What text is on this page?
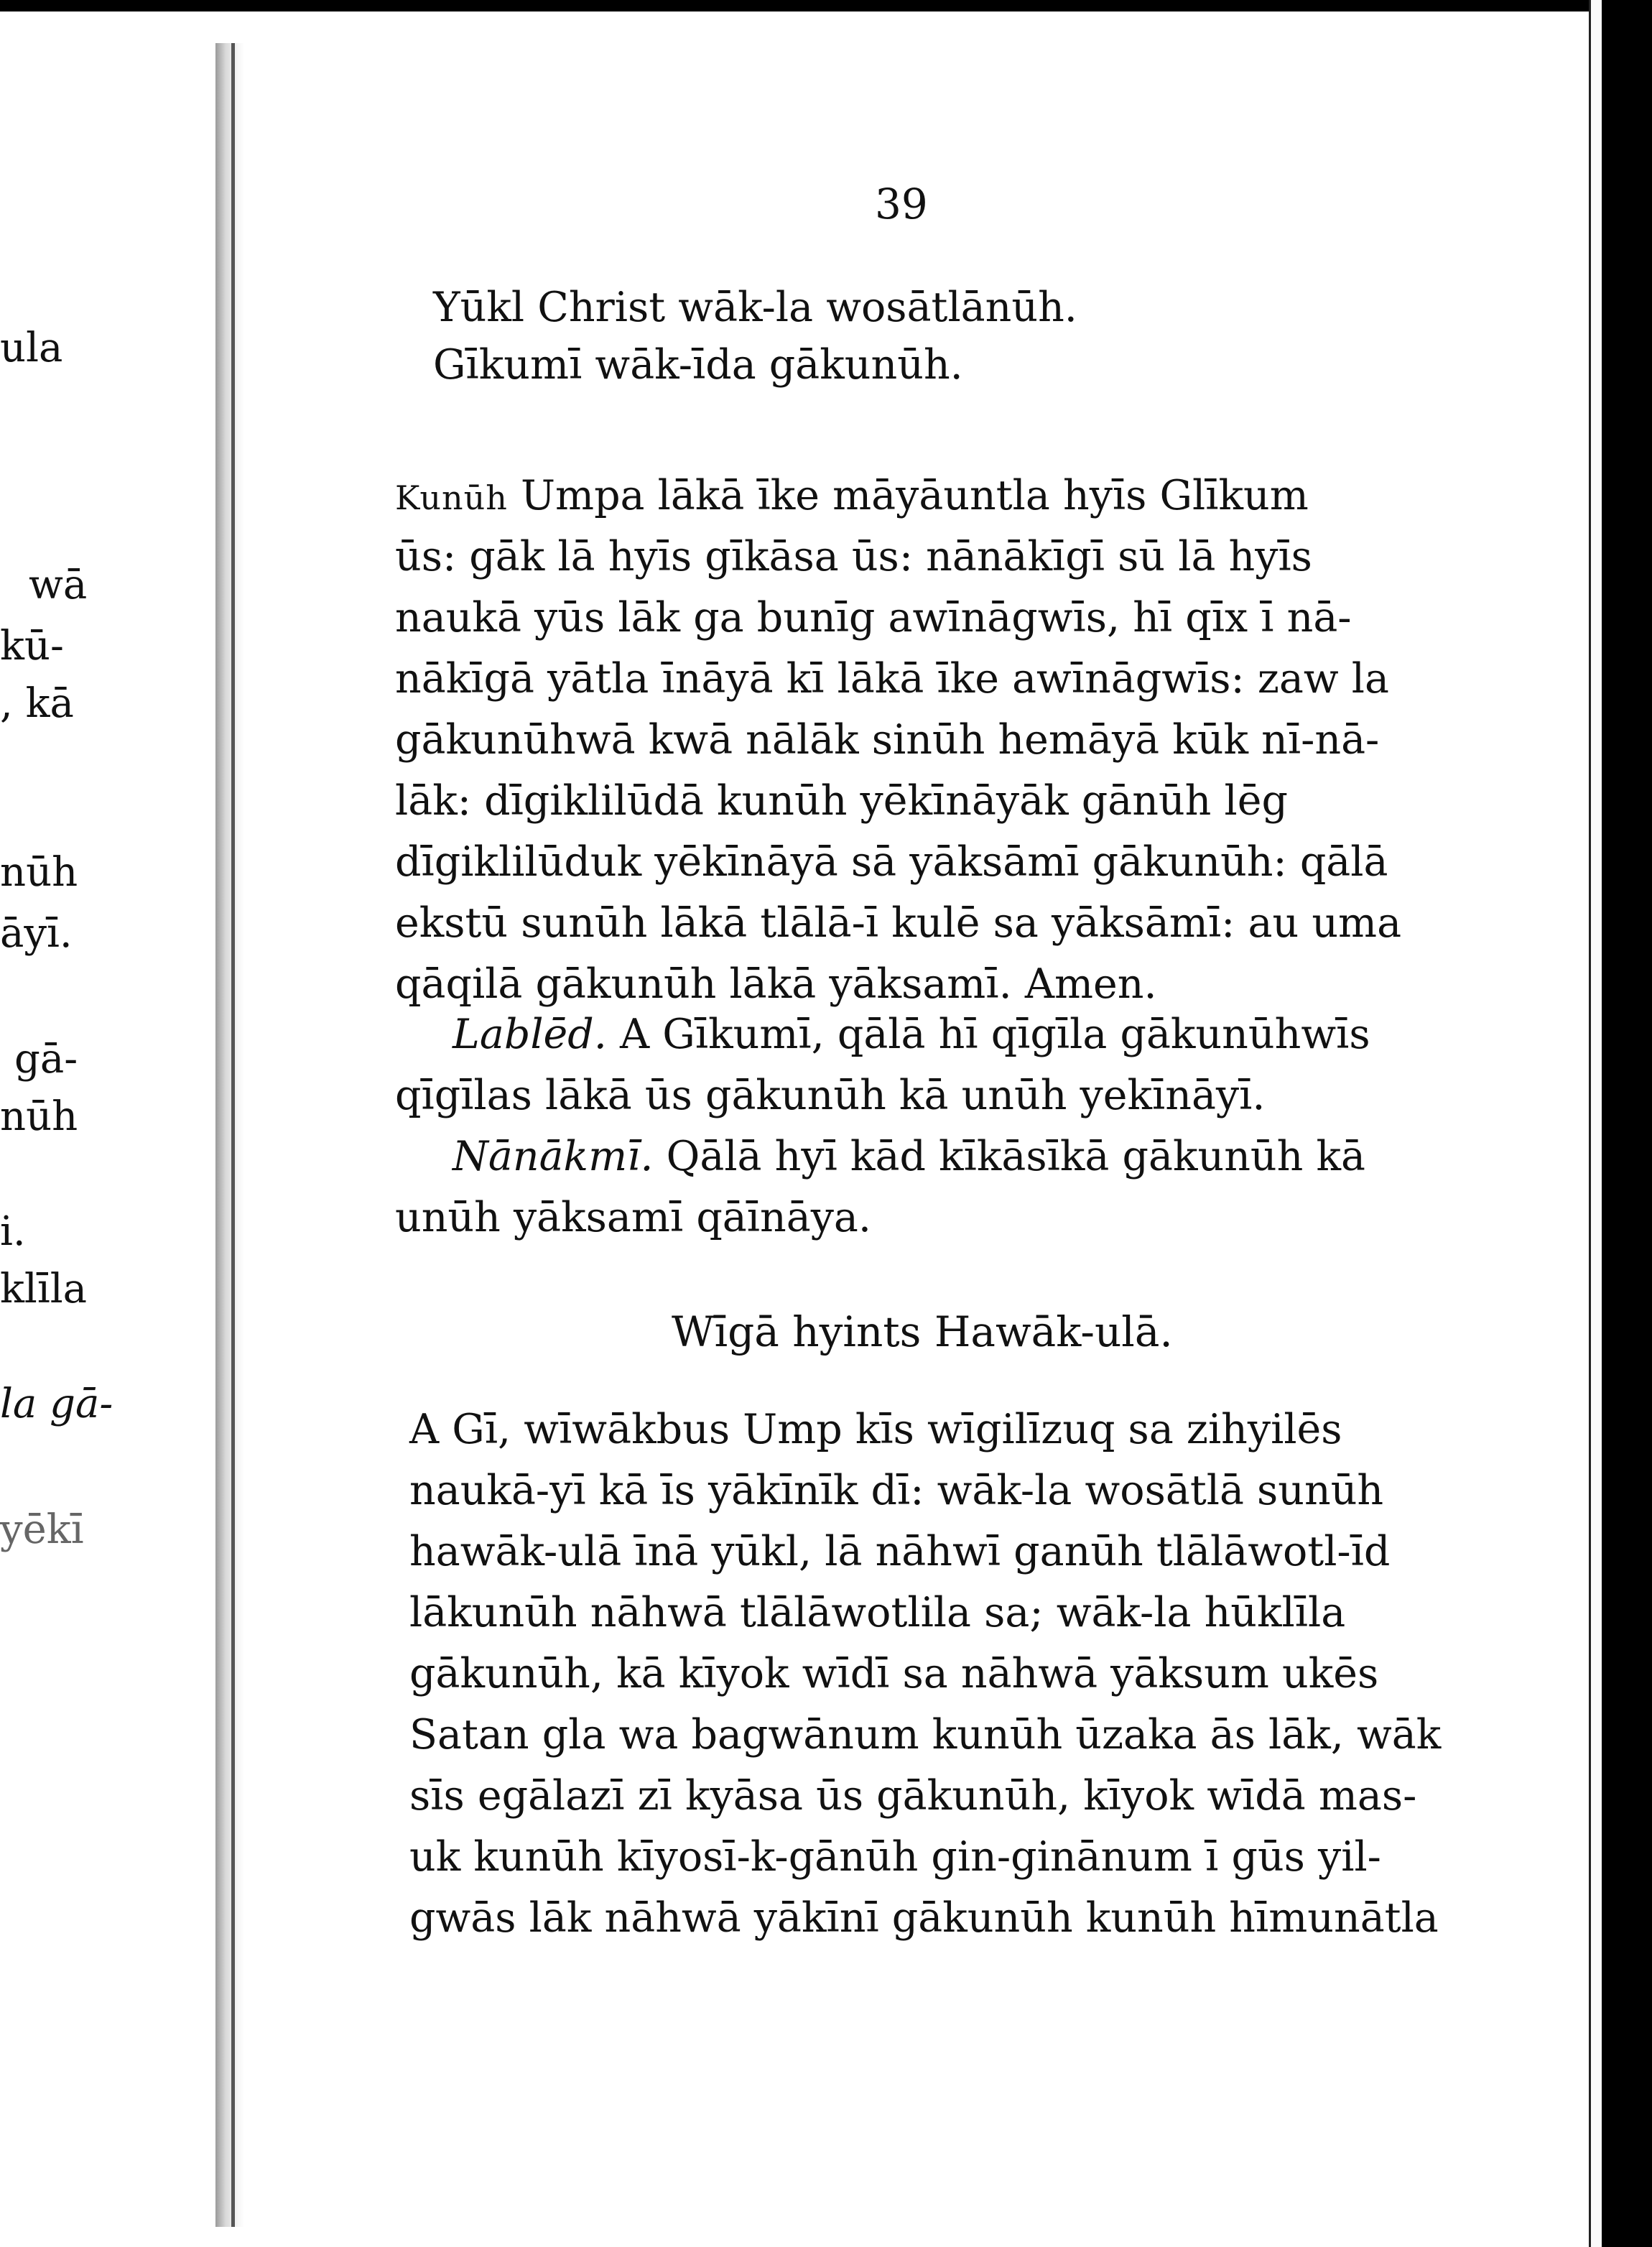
ula
wā
kū-
, kā
nūh
āyī.
gā-
nūh
i.
klīla
la gā-
yēkī
39
Yūkl Christ wāk-la wosātlānūh.
Gīkumī wāk-īda gākunūh.
Kunūh Umpa lākā īke māyāuntla hyīs Glīkum
ūs: gāk lā hyīs gīkāsa ūs: nānākīgī sū lā hyīs
naukā yūs lāk ga bunīg awīnāgwīs, hī qīx ī nā-
nākīgā yātla īnāyā kī lākā īke awīnāgwīs: zaw la
gākunūhwā kwā nālāk sinūh hemāyā kūk nī-nā-
lāk: dīgiklilūdā kunūh yēkīnāyāk gānūh lēg
dīgiklilūduk yēkīnāyā sā yāksāmī gākunūh: qālā
ekstū sunūh lākā tlālā-ī kulē sa yāksāmī: au uma
qāqilā gākunūh lākā yāksamī. Amen.
Lablēd. A Gīkumī, qālā hī qīgīla gākunūhwīs
qīgīlas lākā ūs gākunūh kā unūh yekīnāyī.
Nānākmī. Qālā hyī kād kīkāsīkā gākunūh kā
unūh yāksamī qāīnāya.
Wīgā hyints Hawāk-ulā.
A Gī, wīwākbus Ump kīs wīgilīzuq sa zihyilēs
naukā-yī kā īs yākīnīk dī: wāk-la wosātlā sunūh
hawāk-ulā īnā yūkl, lā nāhwī ganūh tlālāwotl-īd
lākunūh nāhwā tlālāwotlila sa; wāk-la hūklīla
gākunūh, kā kīyok wīdī sa nāhwā yāksum ukēs
Satan gla wa bagwānum kunūh ūzaka ās lāk, wāk
sīs egālazī zī kyāsa ūs gākunūh, kīyok wīdā mas-
uk kunūh kīyosī-k-gānūh gin-ginānum ī gūs yil-
gwās lāk nāhwā yākīnī gākunūh kunūh hīmunātla
